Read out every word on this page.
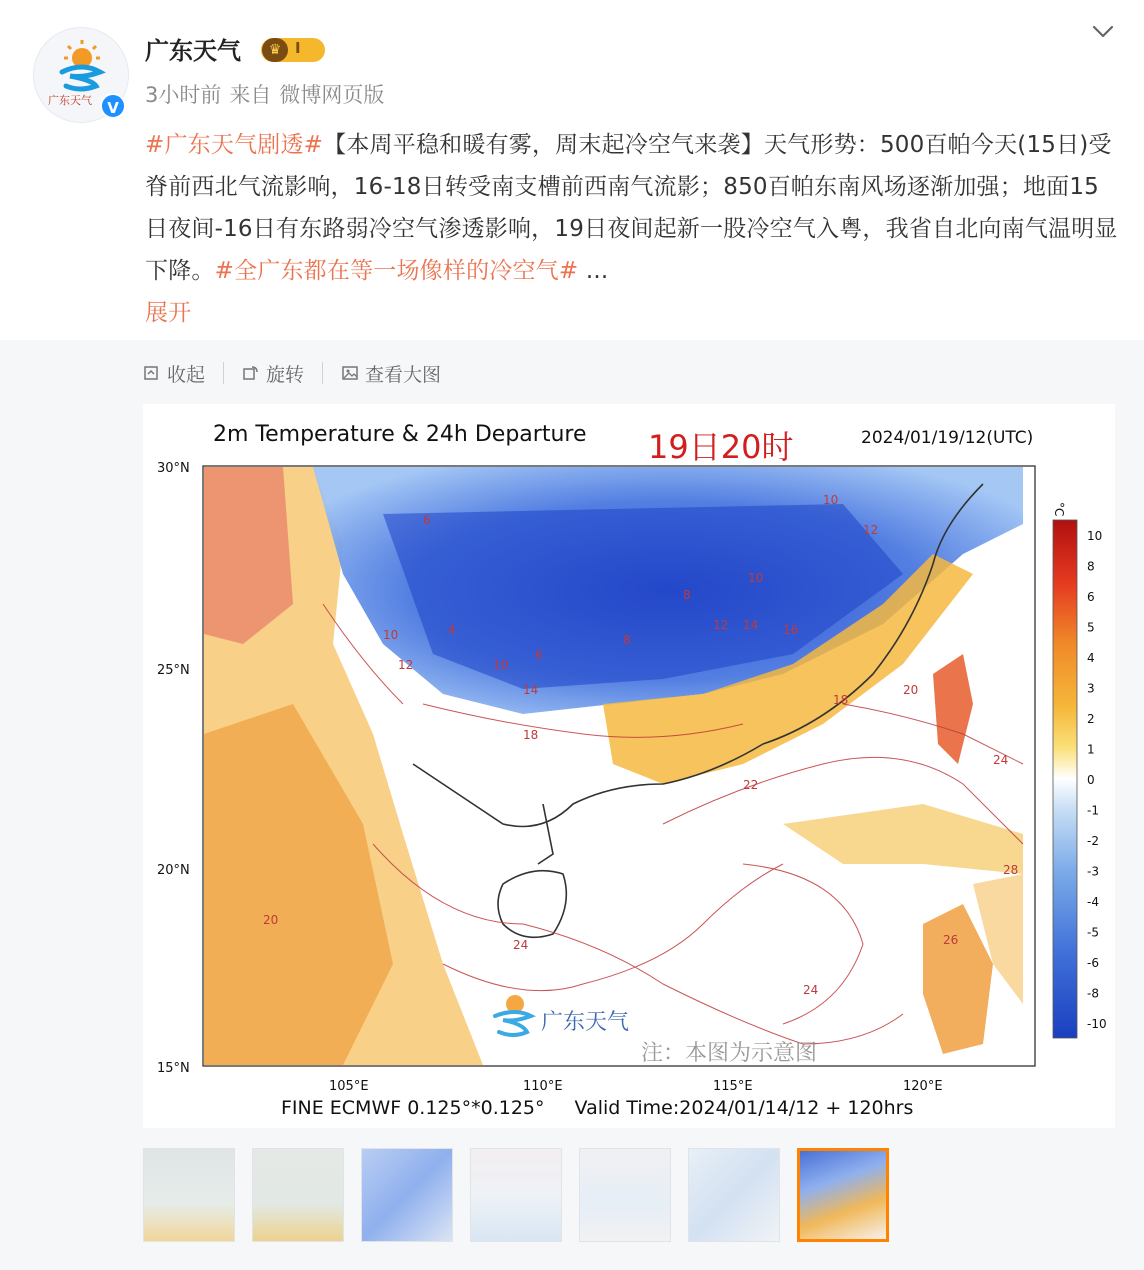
广东天气	V
广东天气	♛ I
3小时前 来自 微博网页版
#广东天气剧透#【本周平稳和暖有雾，周末起冷空气来袭】天气形势：500百帕今天(15日)受脊前西北气流影响，16-18日转受南支槽前西南气流影；850百帕东南风场逐渐加强；地面15日夜间-16日有东路弱冷空气渗透影响，19日夜间起新一股冷空气入粤，我省自北向南气温明显下降。#全广东都在等一场像样的冷空气# ...
展开
收起	旋转	查看大图
6
10
12
4
10
6
14
8
8
12 14
10
16
10
12
18
22
18
20
24
20
24
24
28
26
30°N
25°N
20°N
15°N
105°E	110°E	115°E	120°E
广东天气
注：本图为示意图
°C
10
8
6
5
4
3
2
1
0
-1
-2
-3
-4
-5
-6
-8
-10
2m Temperature & 24h Departure 19日20时	2024/01/19/12(UTC)
FINE ECMWF 0.125°*0.125° Valid Time:2024/01/14/12 + 120hrs
